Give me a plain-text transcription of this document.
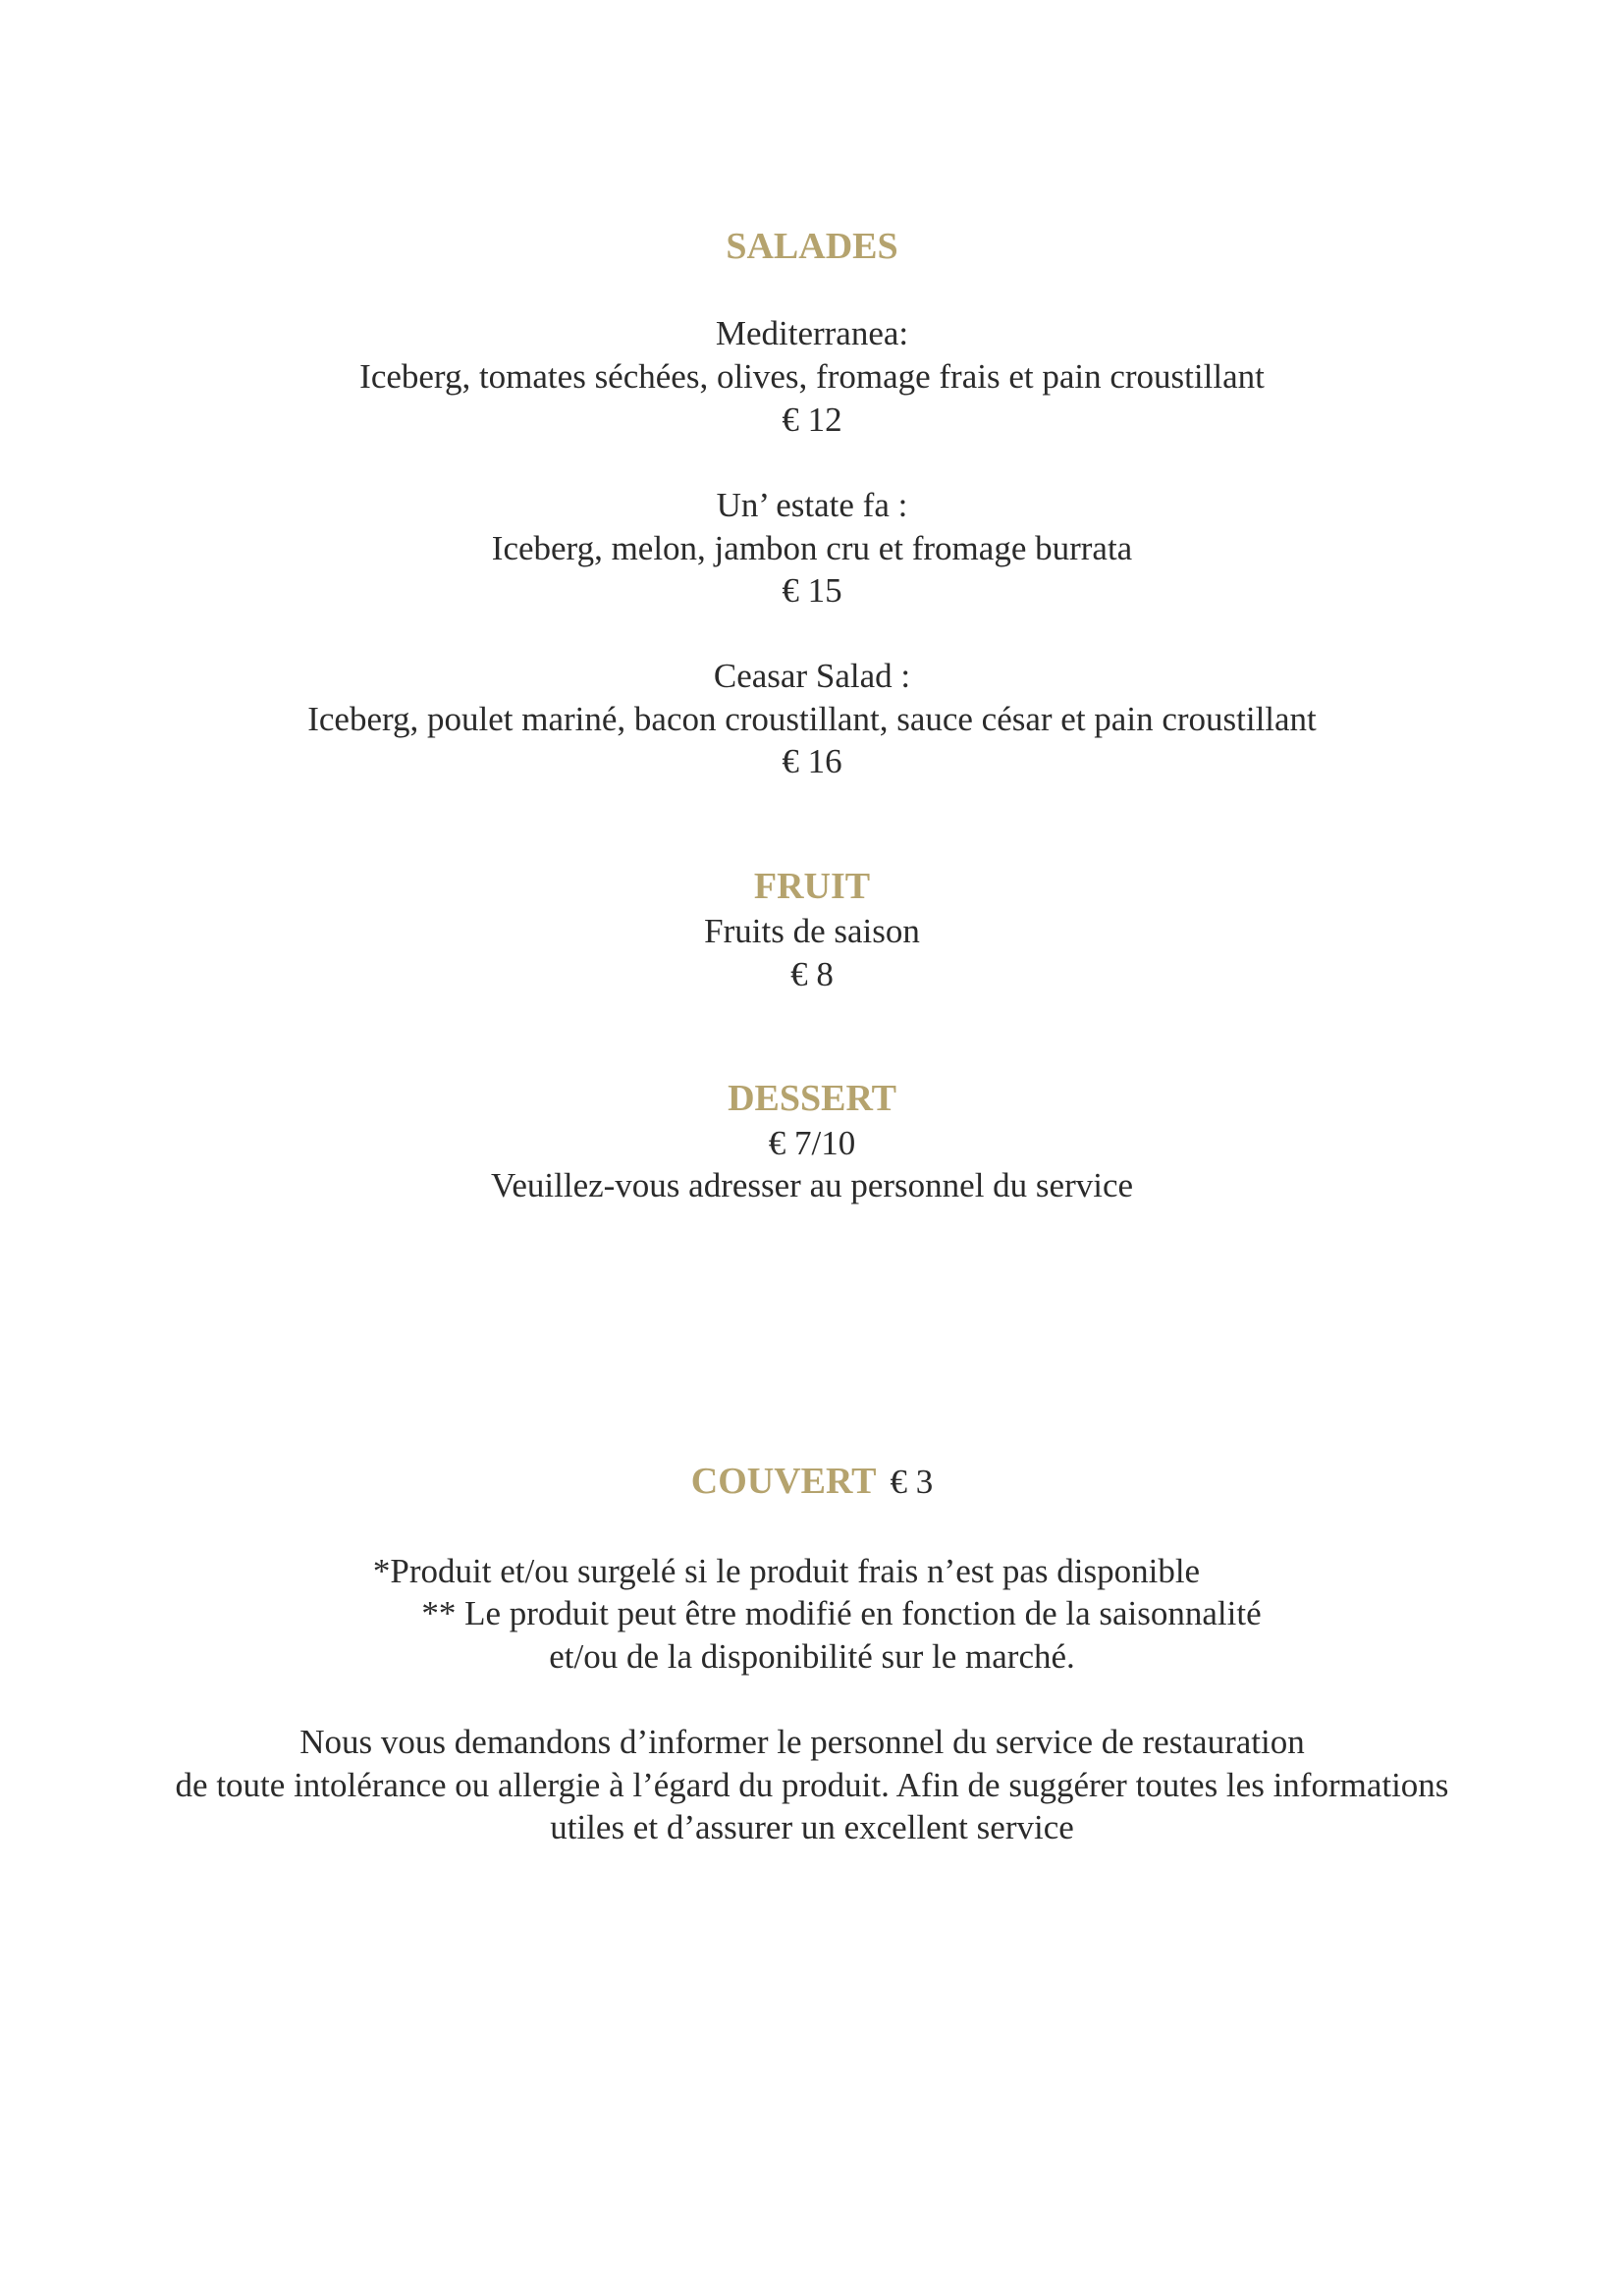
SALADES
Mediterranea:
Iceberg, tomates séchées, olives, fromage frais et pain croustillant
€ 12
Un’ estate fa :
Iceberg, melon, jambon cru et fromage burrata
€ 15
Ceasar Salad :
Iceberg, poulet mariné, bacon croustillant, sauce césar et pain croustillant
€ 16
FRUIT
Fruits de saison
€ 8
DESSERT
€ 7/10
Veuillez-vous adresser au personnel du service
COUVERT € 3
*Produit et/ou surgelé si le produit frais n’est pas disponible
** Le produit peut être modifié en fonction de la saisonnalité
et/ou de la disponibilité sur le marché.
Nous vous demandons d’informer le personnel du service de restauration
de toute intolérance ou allergie à l’égard du produit. Afin de suggérer toutes les informations
utiles et d’assurer un excellent service
